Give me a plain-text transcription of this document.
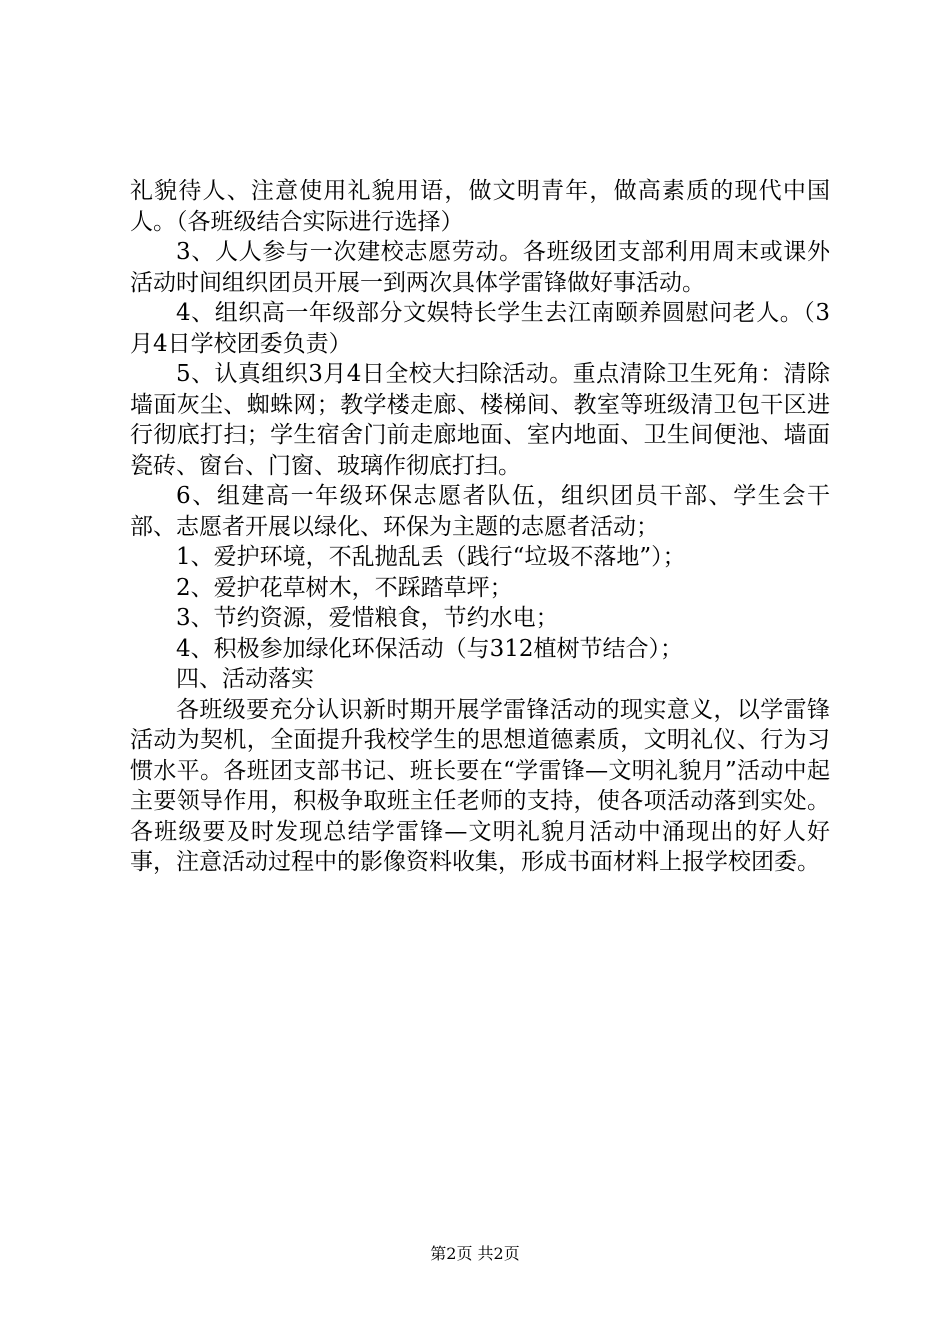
礼貌待人、注意使用礼貌用语，做文明青年，做高素质的现代中国人。（各班级结合实际进行选择）

3、人人参与一次建校志愿劳动。各班级团支部利用周末或课外活动时间组织团员开展一到两次具体学雷锋做好事活动。

4、组织高一年级部分文娱特长学生去江南颐养圆慰问老人。（3月4日学校团委负责）

5、认真组织3月4日全校大扫除活动。重点清除卫生死角：清除墙面灰尘、蜘蛛网；教学楼走廊、楼梯间、教室等班级清卫包干区进行彻底打扫；学生宿舍门前走廊地面、室内地面、卫生间便池、墙面瓷砖、窗台、门窗、玻璃作彻底打扫。

6、组建高一年级环保志愿者队伍，组织团员干部、学生会干部、志愿者开展以绿化、环保为主题的志愿者活动；

1、爱护环境，不乱抛乱丢（践行“垃圾不落地”）；

2、爱护花草树木，不踩踏草坪；

3、节约资源，爱惜粮食，节约水电；

4、积极参加绿化环保活动（与312植树节结合）；

四、活动落实

各班级要充分认识新时期开展学雷锋活动的现实意义，以学雷锋活动为契机，全面提升我校学生的思想道德素质，文明礼仪、行为习惯水平。各班团支部书记、班长要在“学雷锋—文明礼貌月”活动中起主要领导作用，积极争取班主任老师的支持，使各项活动落到实处。各班级要及时发现总结学雷锋—文明礼貌月活动中涌现出的好人好事，注意活动过程中的影像资料收集，形成书面材料上报学校团委。

第2页 共2页
